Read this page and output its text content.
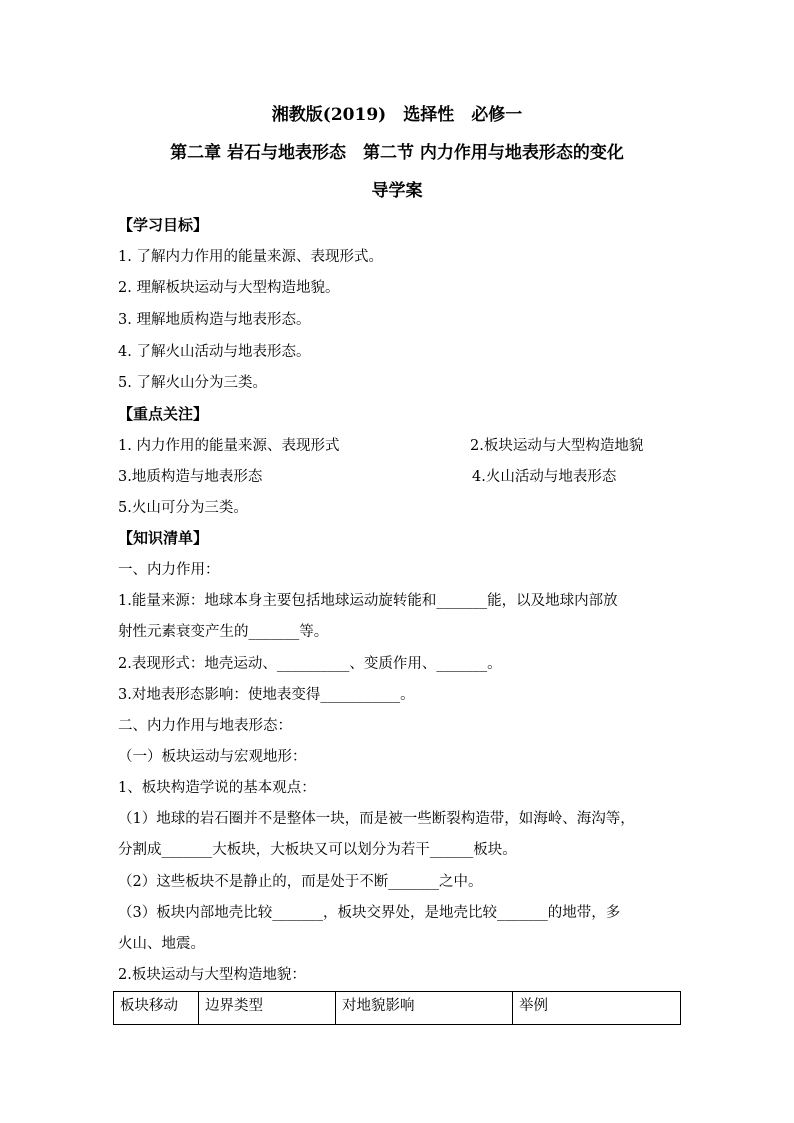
湘教版(2019)　选择性　必修一
第二章 岩石与地表形态　第二节 内力作用与地表形态的变化
导学案
【学习目标】
1. 了解内力作用的能量来源、表现形式。
2. 理解板块运动与大型构造地貌。
3. 理解地质构造与地表形态。
4. 了解火山活动与地表形态。
5. 了解火山分为三类。
【重点关注】
1. 内力作用的能量来源、表现形式	2.板块运动与大型构造地貌
3.地质构造与地表形态	4.火山活动与地表形态
5.火山可分为三类。
【知识清单】
一、内力作用：
1.能量来源：地球本身主要包括地球运动旋转能和_______能，以及地球内部放
射性元素衰变产生的_______等。
2.表现形式：地壳运动、__________、变质作用、_______。
3.对地表形态影响：使地表变得___________。
二、内力作用与地表形态：
（一）板块运动与宏观地形：
1、板块构造学说的基本观点：
（1）地球的岩石圈并不是整体一块，而是被一些断裂构造带，如海岭、海沟等，
分割成_______大板块，大板块又可以划分为若干______板块。
（2）这些板块不是静止的，而是处于不断_______之中。
（3）板块内部地壳比较_______，板块交界处，是地壳比较_______的地带，多
火山、地震。
2.板块运动与大型构造地貌：
板块移动	边界类型	对地貌影响	举例
